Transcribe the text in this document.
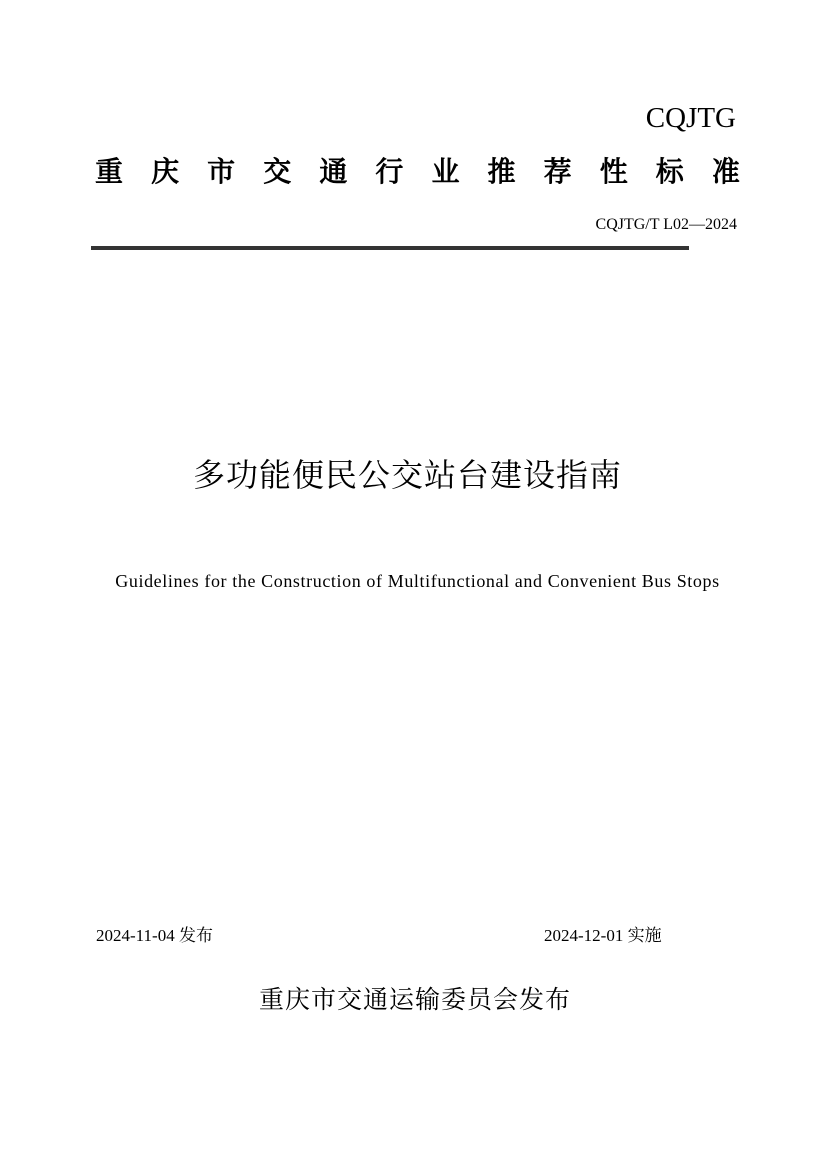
CQJTG
重 庆 市 交 通 行 业 推 荐 性 标 准
CQJTG/T L02—2024
多功能便民公交站台建设指南
Guidelines for the Construction of Multifunctional and Convenient Bus Stops
2024-11-04 发布	2024-12-01 实施
重庆市交通运输委员会发布
